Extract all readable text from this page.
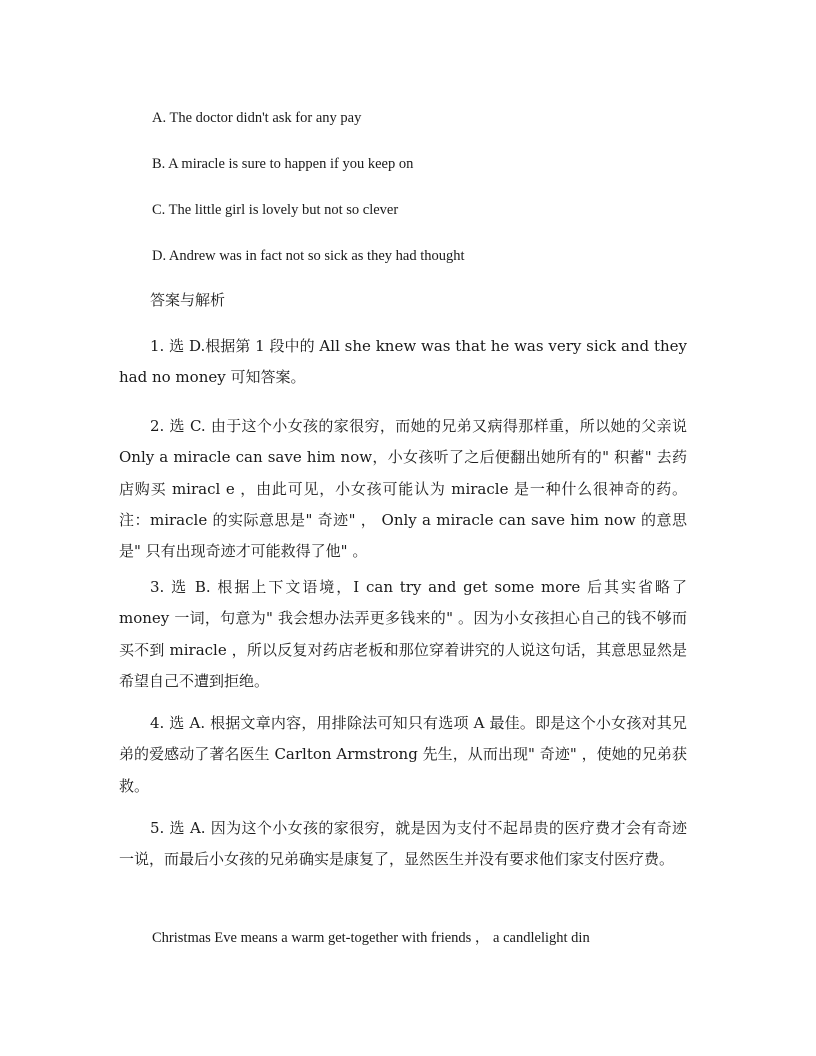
A. The doctor didn't ask for any pay
B. A miracle is sure to happen if you keep on
C. The little girl is lovely but not so clever
D. Andrew was in fact not so sick as they had thought
答案与解析

1. 选 D.根据第 1 段中的 All she knew was that he was very sick and they had no money 可知答案。

2. 选 C. 由于这个小女孩的家很穷，而她的兄弟又病得那样重，所以她的父亲说 Only a miracle can save him now，小女孩听了之后便翻出她所有的" 积蓄" 去药店购买 miracl e ，由此可见，小女孩可能认为 miracle 是一种什么很神奇的药。注：miracle 的实际意思是" 奇迹" ， Only a miracle can save him now 的意思是" 只有出现奇迹才可能救得了他" 。

3. 选 B. 根据上下文语境，I can try and get some more 后其实省略了 money 一词，句意为" 我会想办法弄更多钱来的" 。因为小女孩担心自己的钱不够而买不到 miracle ，所以反复对药店老板和那位穿着讲究的人说这句话，其意思显然是希望自己不遭到拒绝。

4. 选 A. 根据文章内容，用排除法可知只有选项 A 最佳。即是这个小女孩对其兄弟的爱感动了著名医生 Carlton Armstrong 先生，从而出现" 奇迹" ，使她的兄弟获救。

5. 选 A. 因为这个小女孩的家很穷，就是因为支付不起昂贵的医疗费才会有奇迹一说，而最后小女孩的兄弟确实是康复了，显然医生并没有要求他们家支付医疗费。

Christmas Eve means a warm get-together with friends ， a candlelight din
